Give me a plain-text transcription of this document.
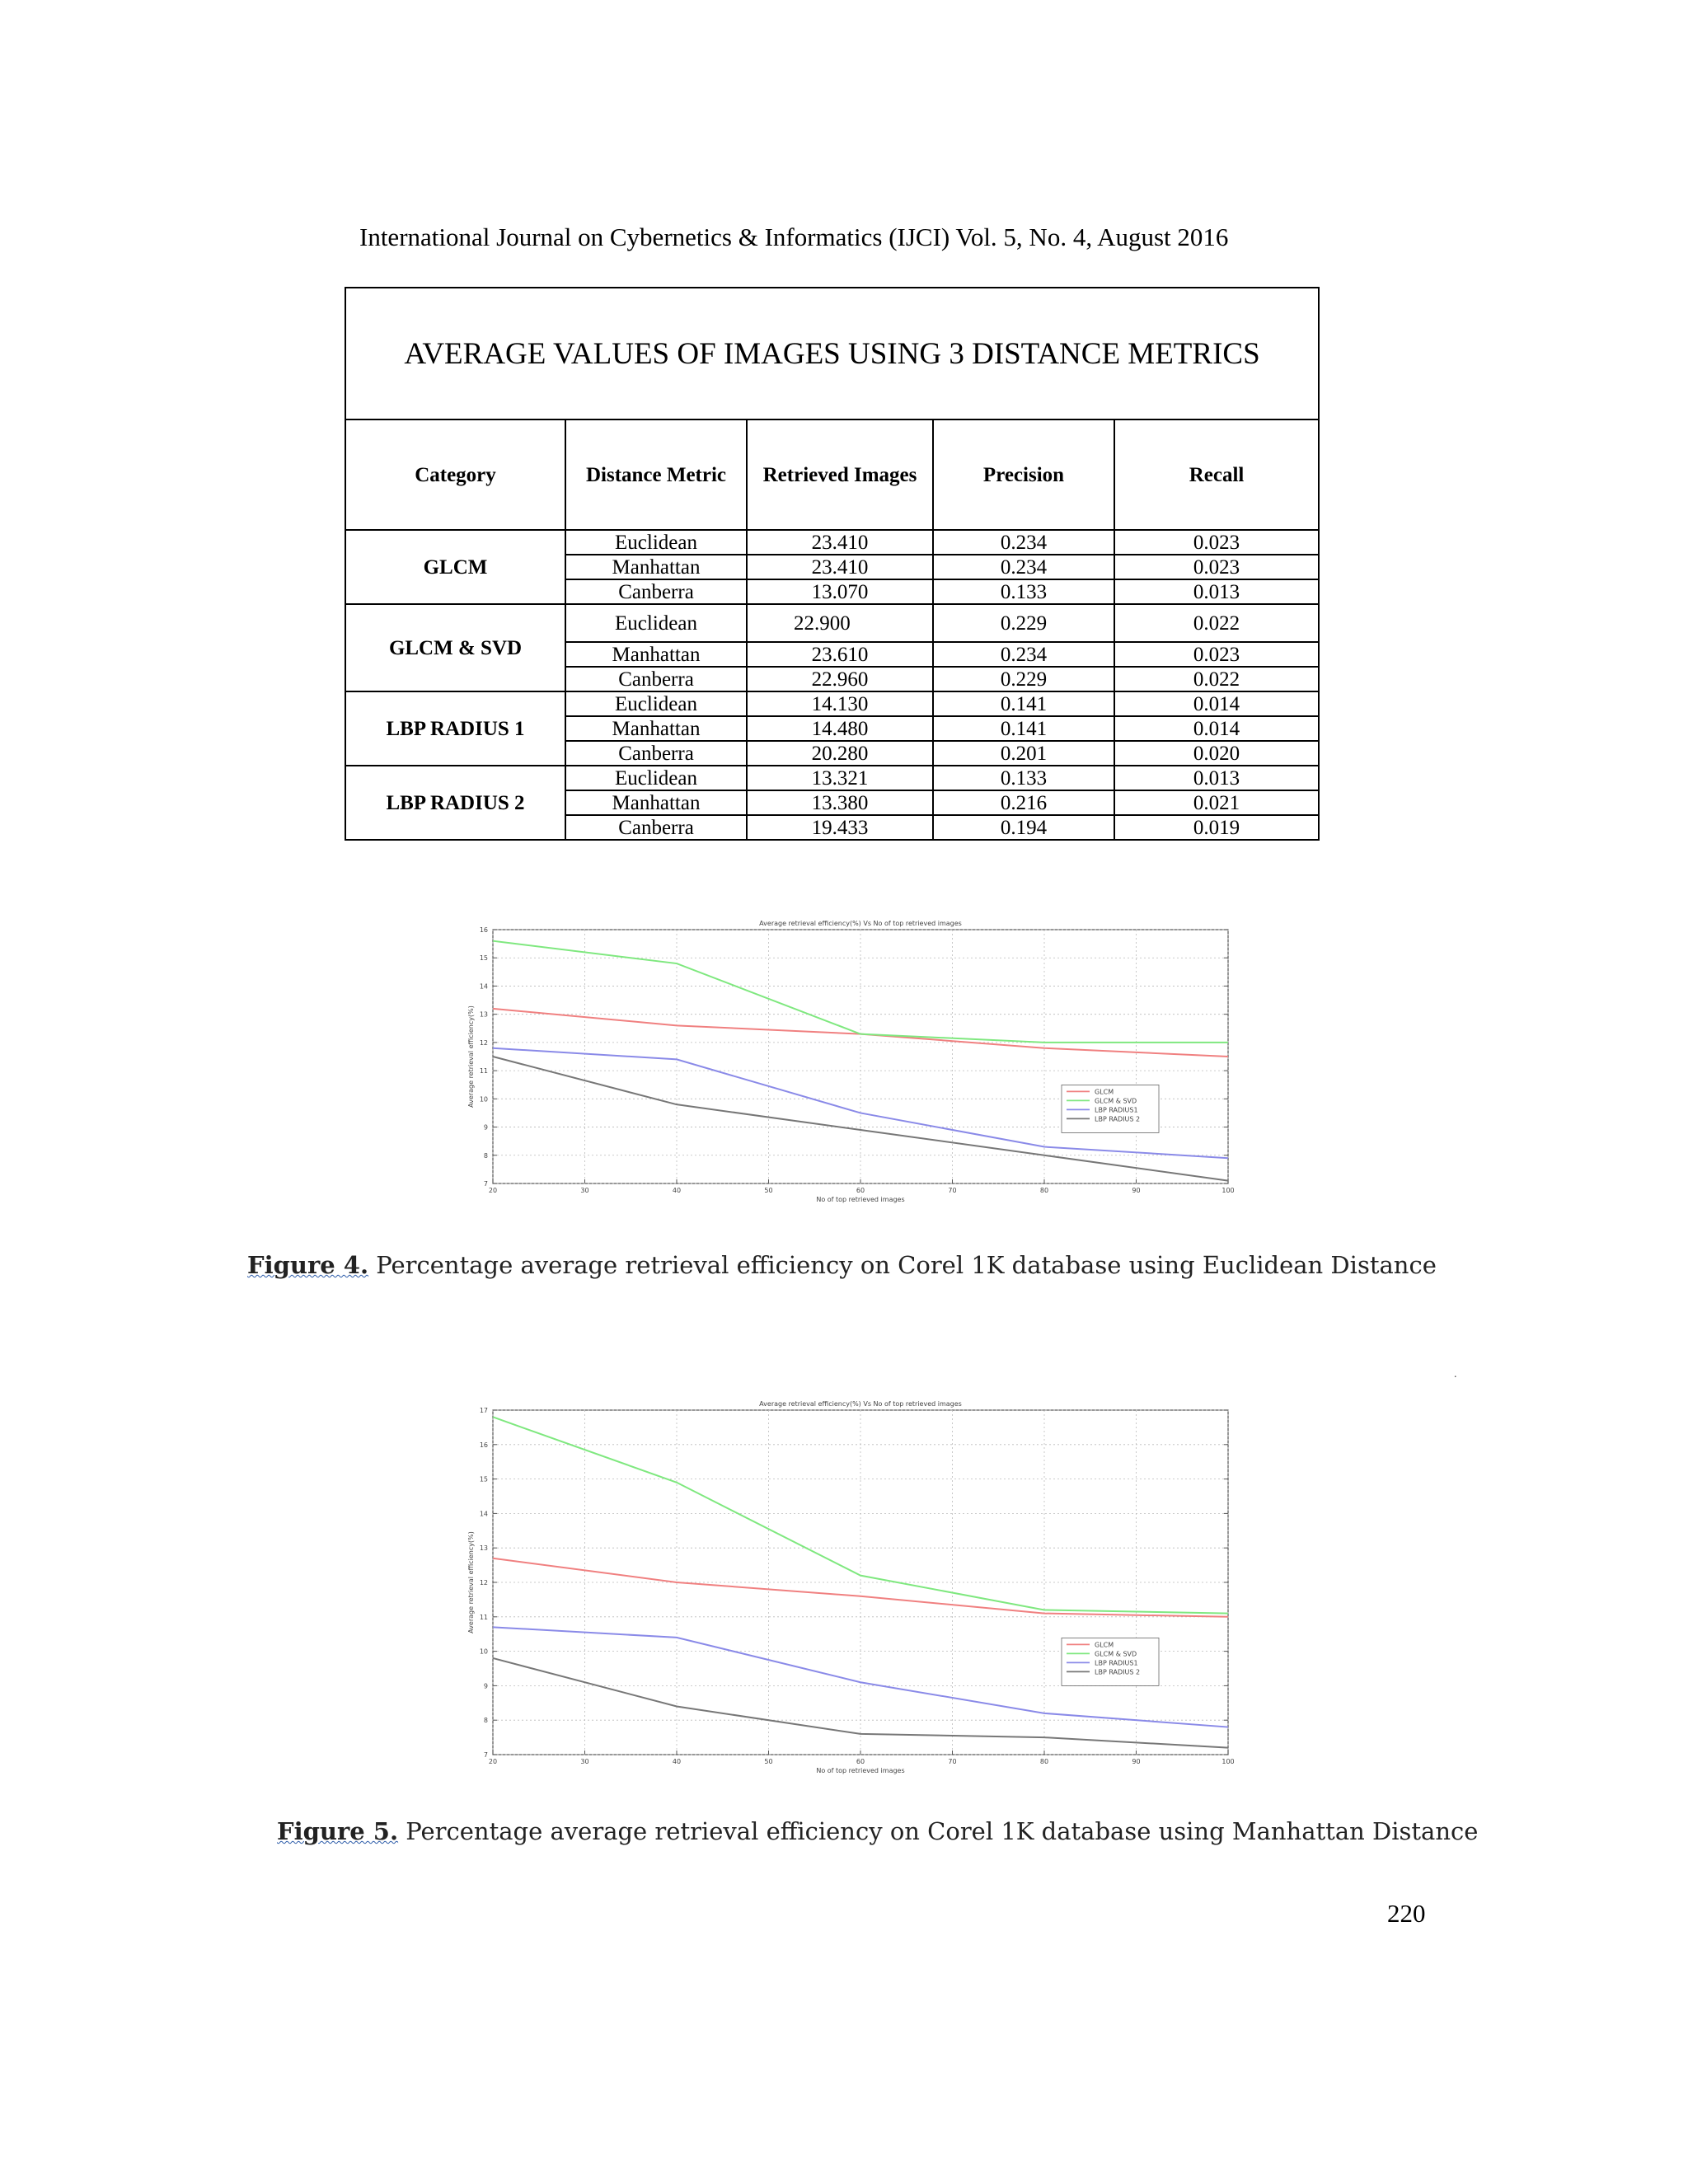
International Journal on Cybernetics & Informatics (IJCI) Vol. 5, No. 4, August 2016
AVERAGE VALUES OF IMAGES USING 3 DISTANCE METRICS				
Category	Distance Metric	Retrieved Images	Precision	Recall
GLCM	Euclidean	23.410	0.234	0.023
	Manhattan	23.410	0.234	0.023
	Canberra	13.070	0.133	0.013
GLCM & SVD	Euclidean	22.900	0.229	0.022
	Manhattan	23.610	0.234	0.023
	Canberra	22.960	0.229	0.022
LBP RADIUS 1	Euclidean	14.130	0.141	0.014
	Manhattan	14.480	0.141	0.014
	Canberra	20.280	0.201	0.020
LBP RADIUS 2	Euclidean	13.321	0.133	0.013
	Manhattan	13.380	0.216	0.021
	Canberra	19.433	0.194	0.019
20	30	40	50	60	70	80	90	100
7
8
9
10
11
12
13
14
15
16
Average retrieval efficiency(%) Vs No of top retrieved images
No of top retrieved images
Average retrieval efficiency(%)	GLCM
GLCM & SVD
LBP RADIUS1
LBP RADIUS 2
Figure 4. Percentage average retrieval efficiency on Corel 1K database using Euclidean Distance
.
20	30	40	50	60	70	80	90	100
7
8
9
10
11
12
13
14
15
16
17
Average retrieval efficiency(%) Vs No of top retrieved images
No of top retrieved images
Average retrieval efficiency(%)
GLCM
GLCM & SVD
LBP RADIUS1
LBP RADIUS 2
Figure 5. Percentage average retrieval efficiency on Corel 1K database using Manhattan Distance
220
